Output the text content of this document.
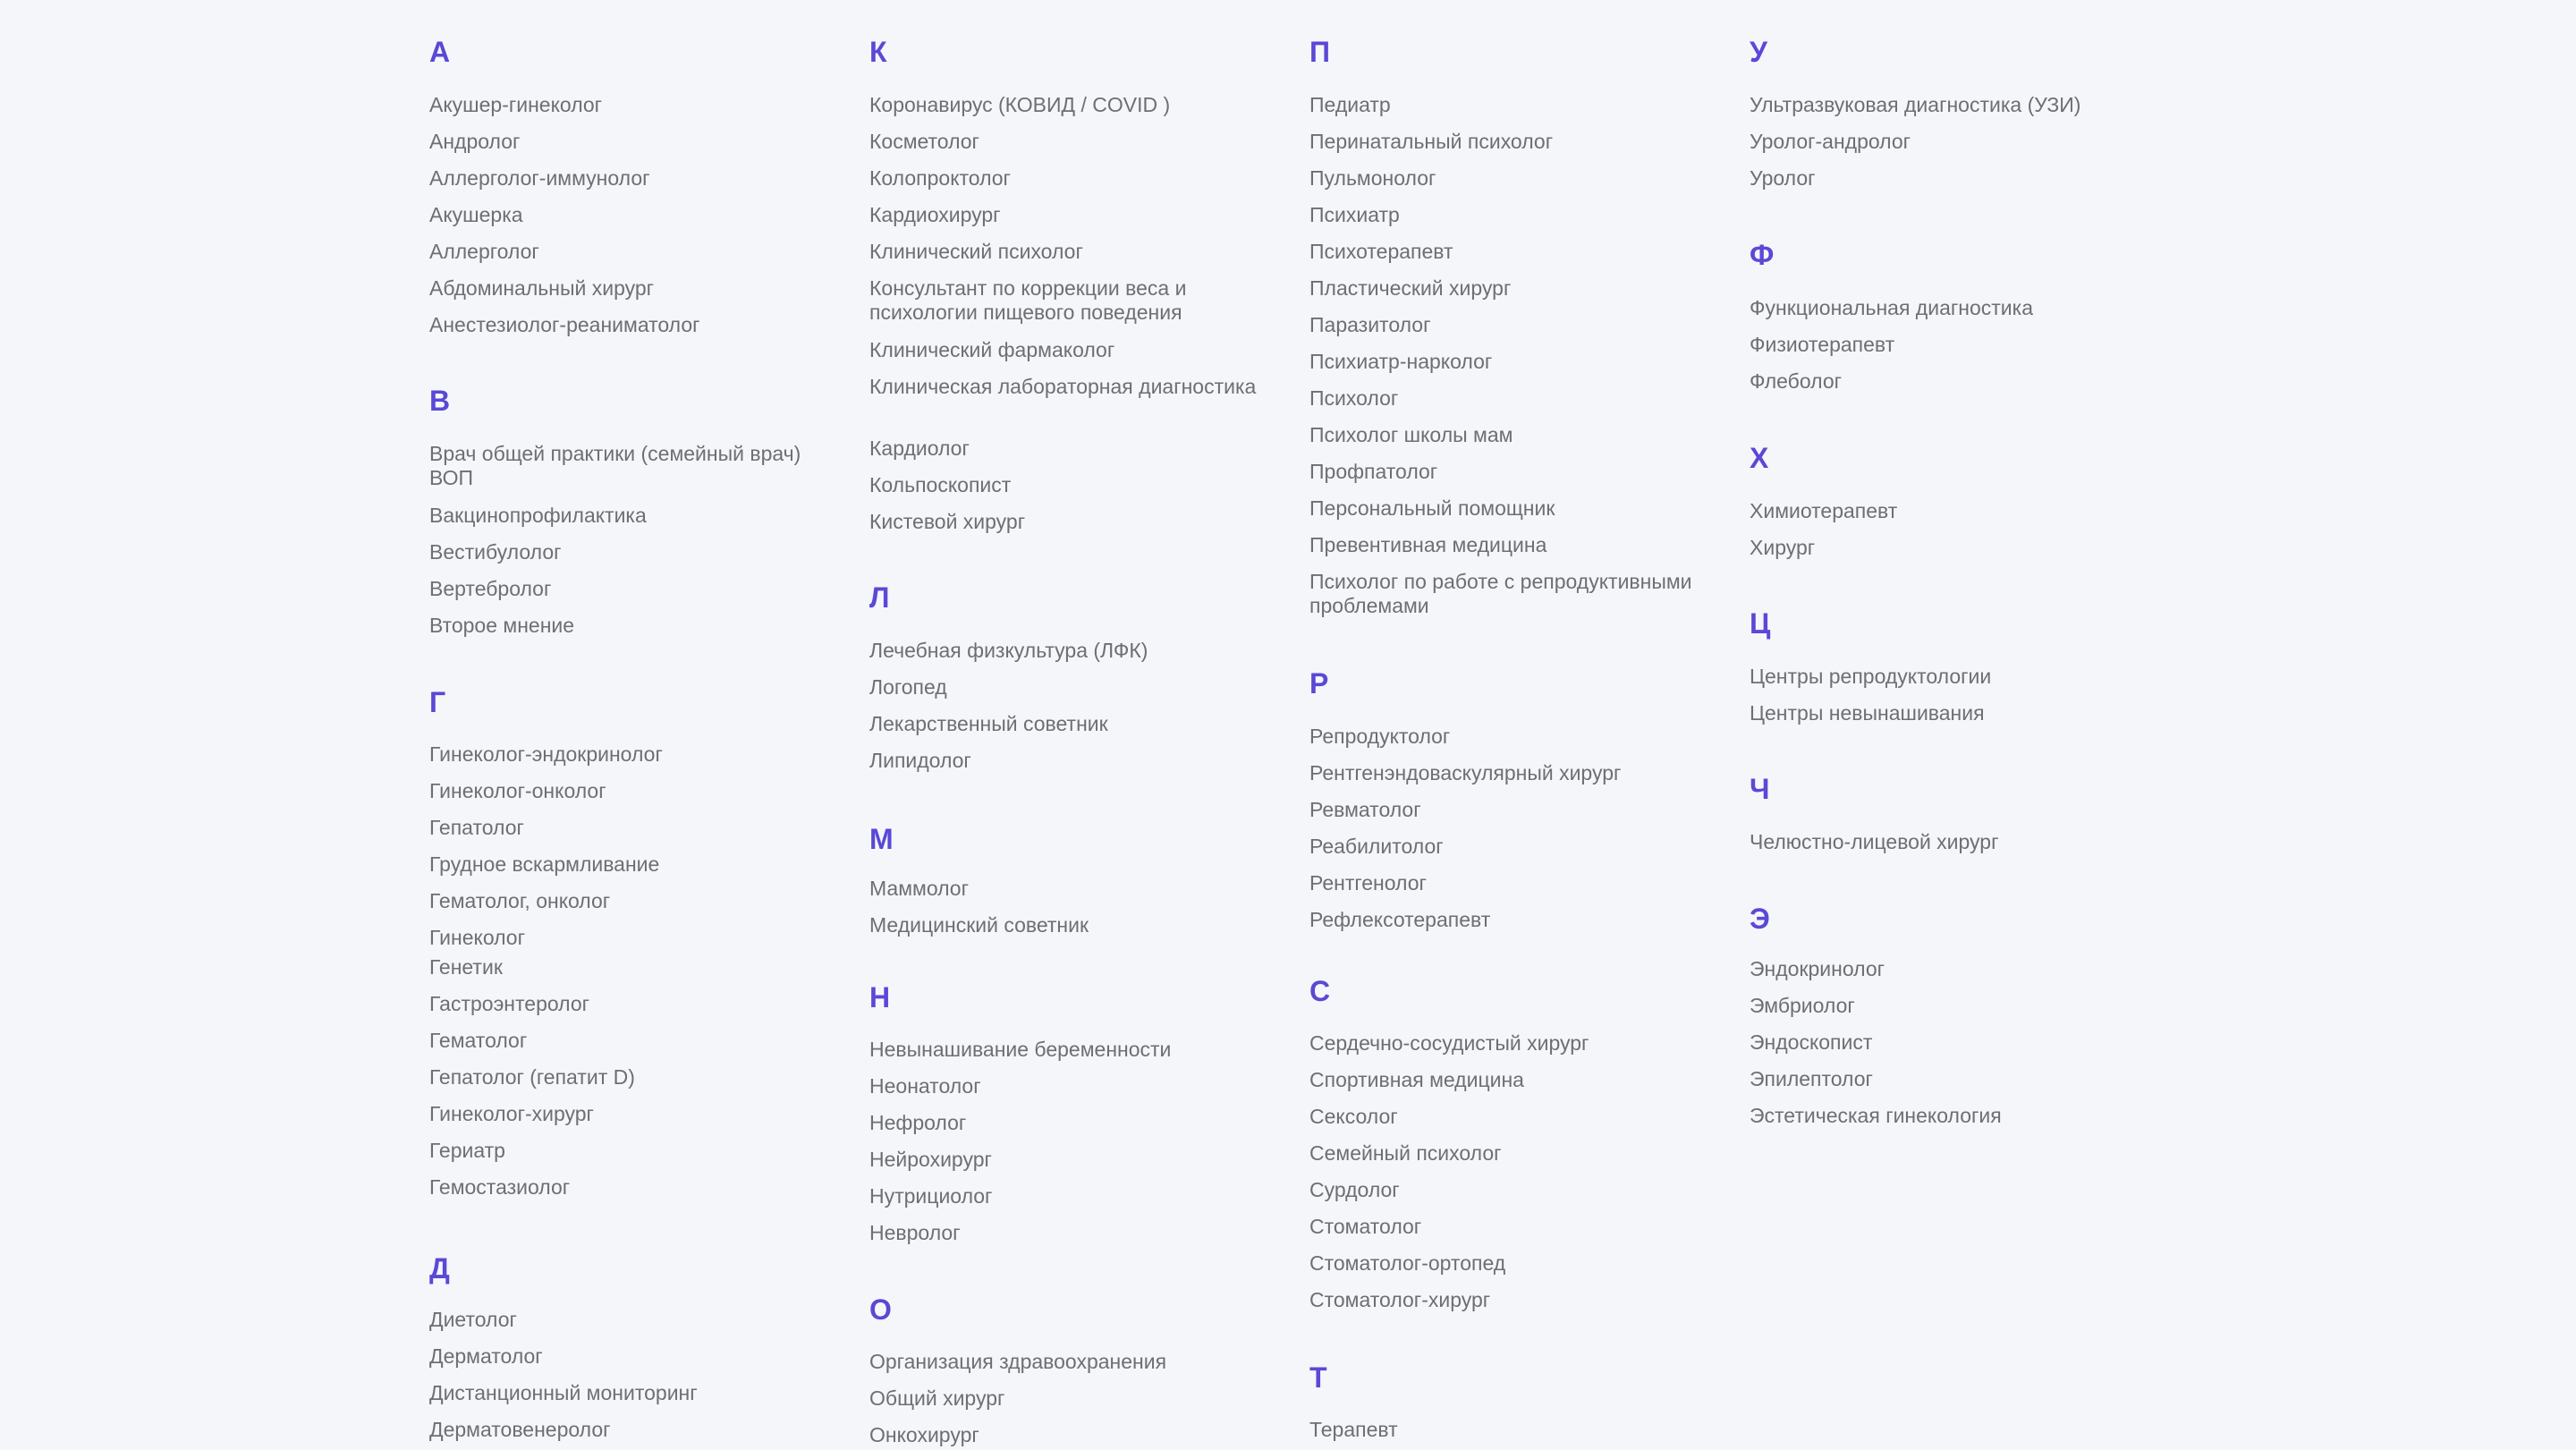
А
Акушер-гинеколог
Андролог
Аллерголог-иммунолог
Акушерка
Аллерголог
Абдоминальный хирург
Анестезиолог-реаниматолог
В
Врач общей практики (семейный врач) ВОП
Вакцинопрофилактика
Вестибулолог
Вертебролог
Второе мнение
Г
Гинеколог-эндокринолог
Гинеколог-онколог
Гепатолог
Грудное вскармливание
Гематолог, онколог
Гинеколог
Генетик
Гастроэнтеролог
Гематолог
Гепатолог (гепатит D)
Гинеколог-хирург
Гериатр
Гемостазиолог
Д
Диетолог
Дерматолог
Дистанционный мониторинг
Дерматовенеролог
К
Коронавирус (КОВИД / COVID )
Косметолог
Колопроктолог
Кардиохирург
Клинический психолог
Консультант по коррекции веса и психологии пищевого поведения
Клинический фармаколог
Клиническая лабораторная диагностика
Кардиолог
Кольпоскопист
Кистевой хирург
Л
Лечебная физкультура (ЛФК)
Логопед
Лекарственный советник
Липидолог
М
Маммолог
Медицинский советник
Н
Невынашивание беременности
Неонатолог
Нефролог
Нейрохирург
Нутрициолог
Невролог
О
Организация здравоохранения
Общий хирург
Онкохирург
П
Педиатр
Перинатальный психолог
Пульмонолог
Психиатр
Психотерапевт
Пластический хирург
Паразитолог
Психиатр-нарколог
Психолог
Психолог школы мам
Профпатолог
Персональный помощник
Превентивная медицина
Психолог по работе с репродуктивными проблемами
Р
Репродуктолог
Рентгенэндоваскулярный хирург
Ревматолог
Реабилитолог
Рентгенолог
Рефлексотерапевт
С
Сердечно-сосудистый хирург
Спортивная медицина
Сексолог
Семейный психолог
Сурдолог
Стоматолог
Стоматолог-ортопед
Стоматолог-хирург
Т
Терапевт
У
Ультразвуковая диагностика (УЗИ)
Уролог-андролог
Уролог
Ф
Функциональная диагностика
Физиотерапевт
Флеболог
Х
Химиотерапевт
Хирург
Ц
Центры репродуктологии
Центры невынашивания
Ч
Челюстно-лицевой хирург
Э
Эндокринолог
Эмбриолог
Эндоскопист
Эпилептолог
Эстетическая гинекология
